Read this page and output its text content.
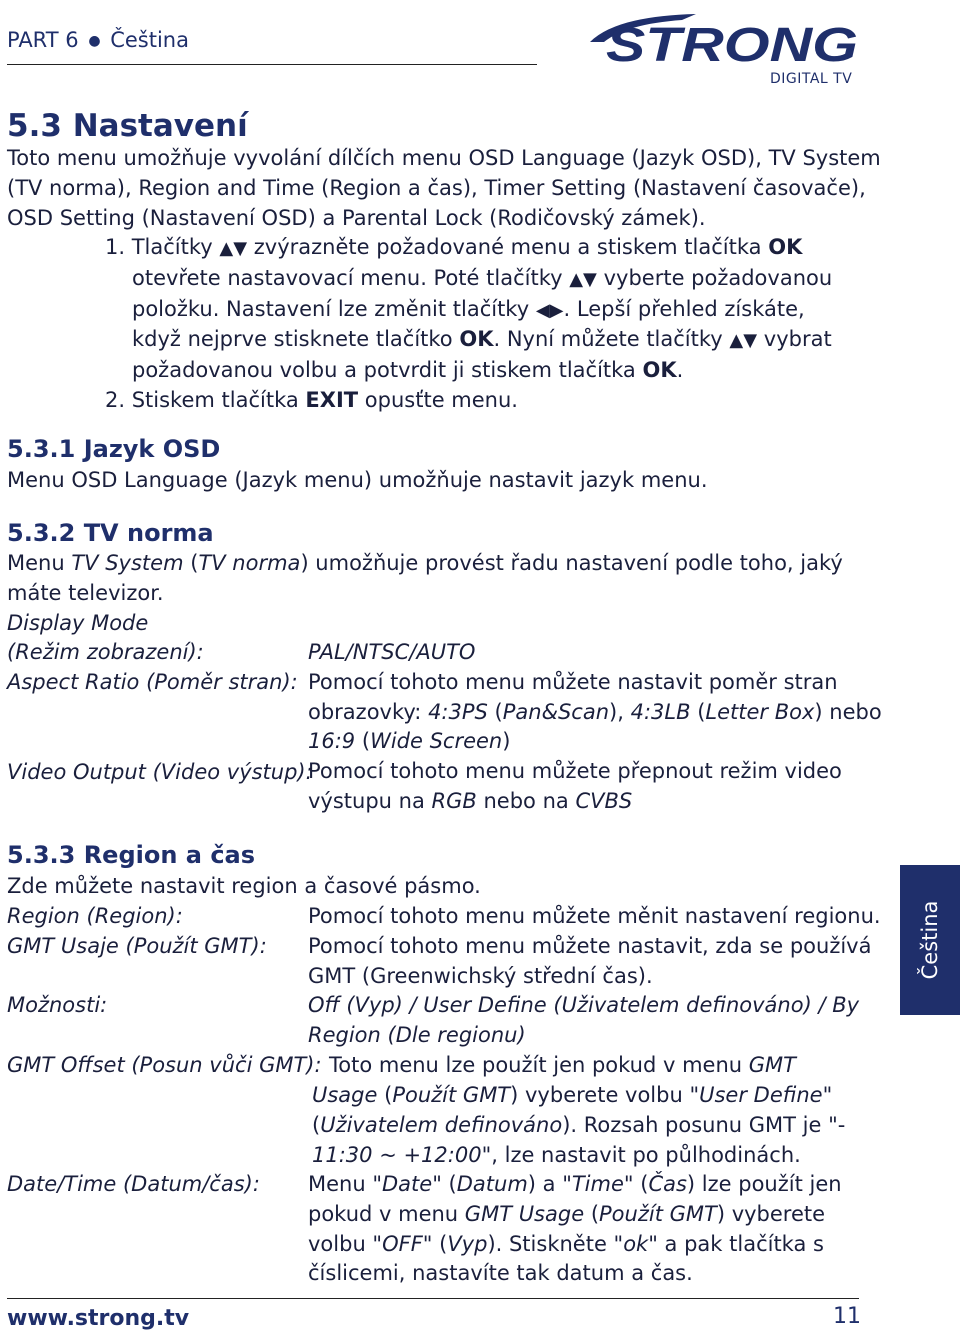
PART 6 ● Čeština	STRONG
DIGITAL TV
5.3 Nastavení
Toto menu umožňuje vyvolání dílčích menu OSD Language (Jazyk OSD), TV System
(TV norma), Region and Time (Region a čas), Timer Setting (Nastavení časovače),
OSD Setting (Nastavení OSD) a Parental Lock (Rodičovský zámek).
1. Tlačítky ▲▼ zvýrazněte požadované menu a stiskem tlačítka OK
otevřete nastavovací menu. Poté tlačítky ▲▼ vyberte požadovanou
položku. Nastavení lze změnit tlačítky ◀▶. Lepší přehled získáte,
když nejprve stisknete tlačítko OK. Nyní můžete tlačítky ▲▼ vybrat
požadovanou volbu a potvrdit ji stiskem tlačítka OK.
2. Stiskem tlačítka EXIT opusťte menu.
5.3.1 Jazyk OSD
Menu OSD Language (Jazyk menu) umožňuje nastavit jazyk menu.
5.3.2 TV norma
Menu TV System (TV norma) umožňuje provést řadu nastavení podle toho, jaký
máte televizor.
Display Mode
(Režim zobrazení):
Aspect Ratio (Poměr stran):
Video Output (Video výstup):
PAL/NTSC/AUTO
Pomocí tohoto menu můžete nastavit poměr stran
obrazovky: 4:3PS (Pan&Scan), 4:3LB (Letter Box) nebo
16:9 (Wide Screen)
Pomocí tohoto menu můžete přepnout režim video
výstupu na RGB nebo na CVBS
5.3.3 Region a čas
Zde můžete nastavit region a časové pásmo.
Region (Region):
GMT Usaje (Použít GMT):
Možnosti:
GMT Offset (Posun vůči GMT):
Date/Time (Datum/čas):
Pomocí tohoto menu můžete měnit nastavení regionu.
Pomocí tohoto menu můžete nastavit, zda se používá
GMT (Greenwichský střední čas).
Off (Vyp) / User Define (Uživatelem definováno) / By
Region (Dle regionu)
Toto menu lze použít jen pokud v menu GMT
Usage (Použít GMT) vyberete volbu "User Define"
(Uživatelem definováno). Rozsah posunu GMT je "-
11:30 ~ +12:00", lze nastavit po půlhodinách.
Menu "Date" (Datum) a "Time" (Čas) lze použít jen
pokud v menu GMT Usage (Použít GMT) vyberete
volbu "OFF" (Vyp). Stiskněte "ok" a pak tlačítka s
číslicemi, nastavíte tak datum a čas.
Čeština
www.strong.tv	11
